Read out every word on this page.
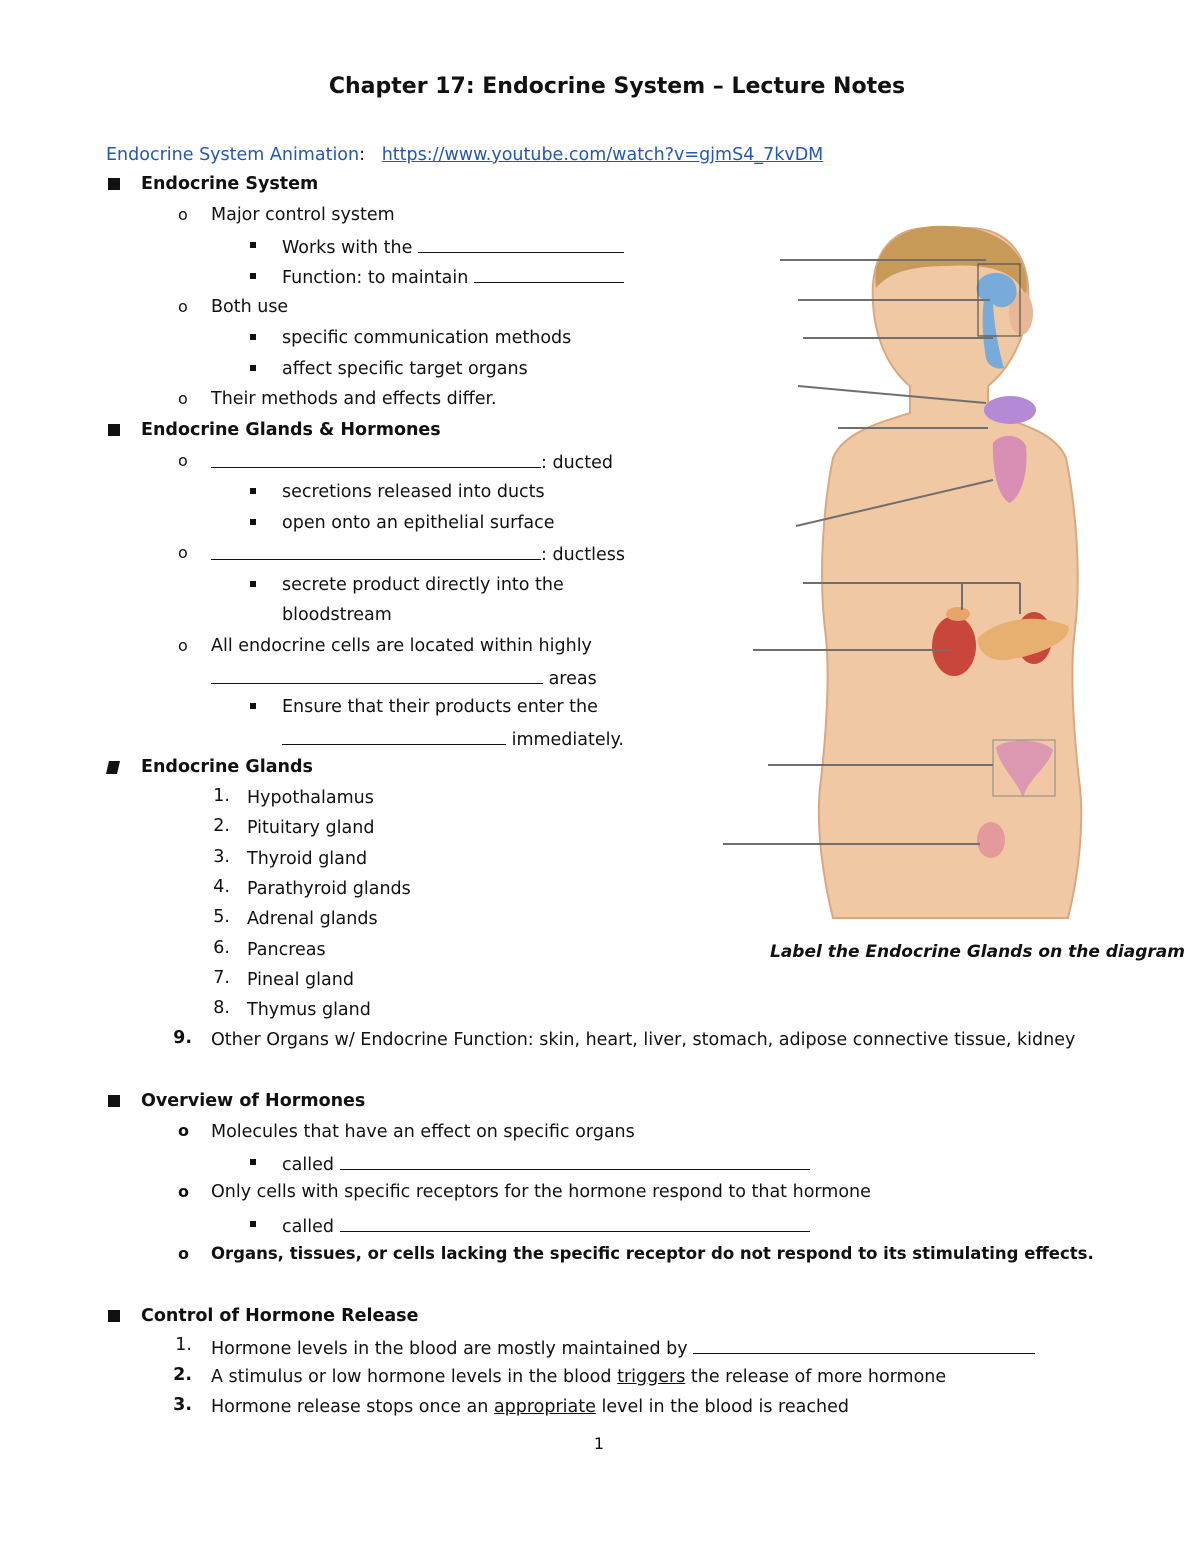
Chapter 17: Endocrine System – Lecture Notes
Endocrine System Animation: https://www.youtube.com/watch?v=gjmS4_7kvDM
Endocrine System
o Major control system
Works with the
Function: to maintain
o Both use
specific communication methods
affect specific target organs
o Their methods and effects differ.
Endocrine Glands & Hormones
o	: ducted
secretions released into ducts
open onto an epithelial surface
o	: ductless
secrete product directly into the
bloodstream
o All endocrine cells are located within highly
areas
Ensure that their products enter the
immediately.
Endocrine Glands
1. Hypothalamus
2. Pituitary gland
3. Thyroid gland
4. Parathyroid glands
5. Adrenal glands
6. Pancreas
7. Pineal gland
8. Thymus gland
9. Other Organs w/ Endocrine Function: skin, heart, liver, stomach, adipose connective tissue, kidney
Overview of Hormones
o Molecules that have an effect on specific organs
called
o Only cells with specific receptors for the hormone respond to that hormone
called
o Organs, tissues, or cells lacking the specific receptor do not respond to its stimulating effects.
Control of Hormone Release
1. Hormone levels in the blood are mostly maintained by
2. A stimulus or low hormone levels in the blood triggers the release of more hormone
3. Hormone release stops once an appropriate level in the blood is reached
Label the Endocrine Glands on the diagram
1
